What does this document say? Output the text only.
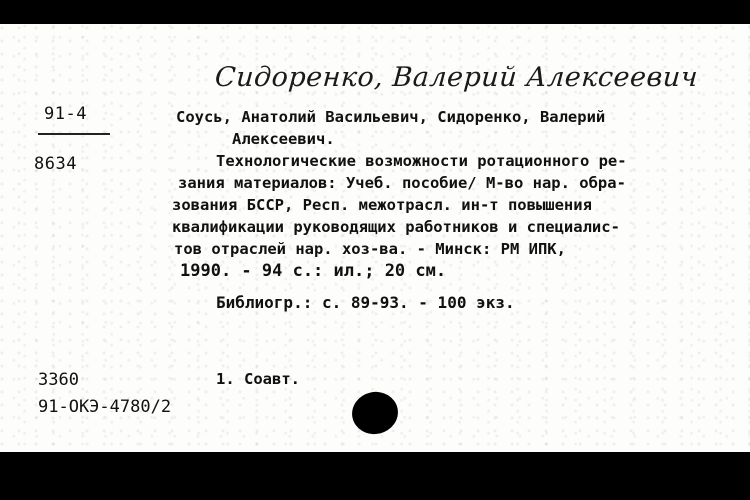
Сидоренко, Валерий Алексеевич
91-4
8634
Соусь, Анатолий Васильевич, Сидоренко, Валерий
Алексеевич.
Технологические возможности ротационного ре-
зания материалов: Учеб. пособие/ М-во нар. обра-
зования БССР, Респ. межотрасл. ин-т повышения
квалификации руководящих работников и специалис-
тов отраслей нар. хоз-ва. - Минск: РМ ИПК,
1990. - 94 с.: ил.; 20 см.
Библиогр.: с. 89-93. - 100 экз.
3360
91-ОКЭ-4780/2
1. Соавт.
